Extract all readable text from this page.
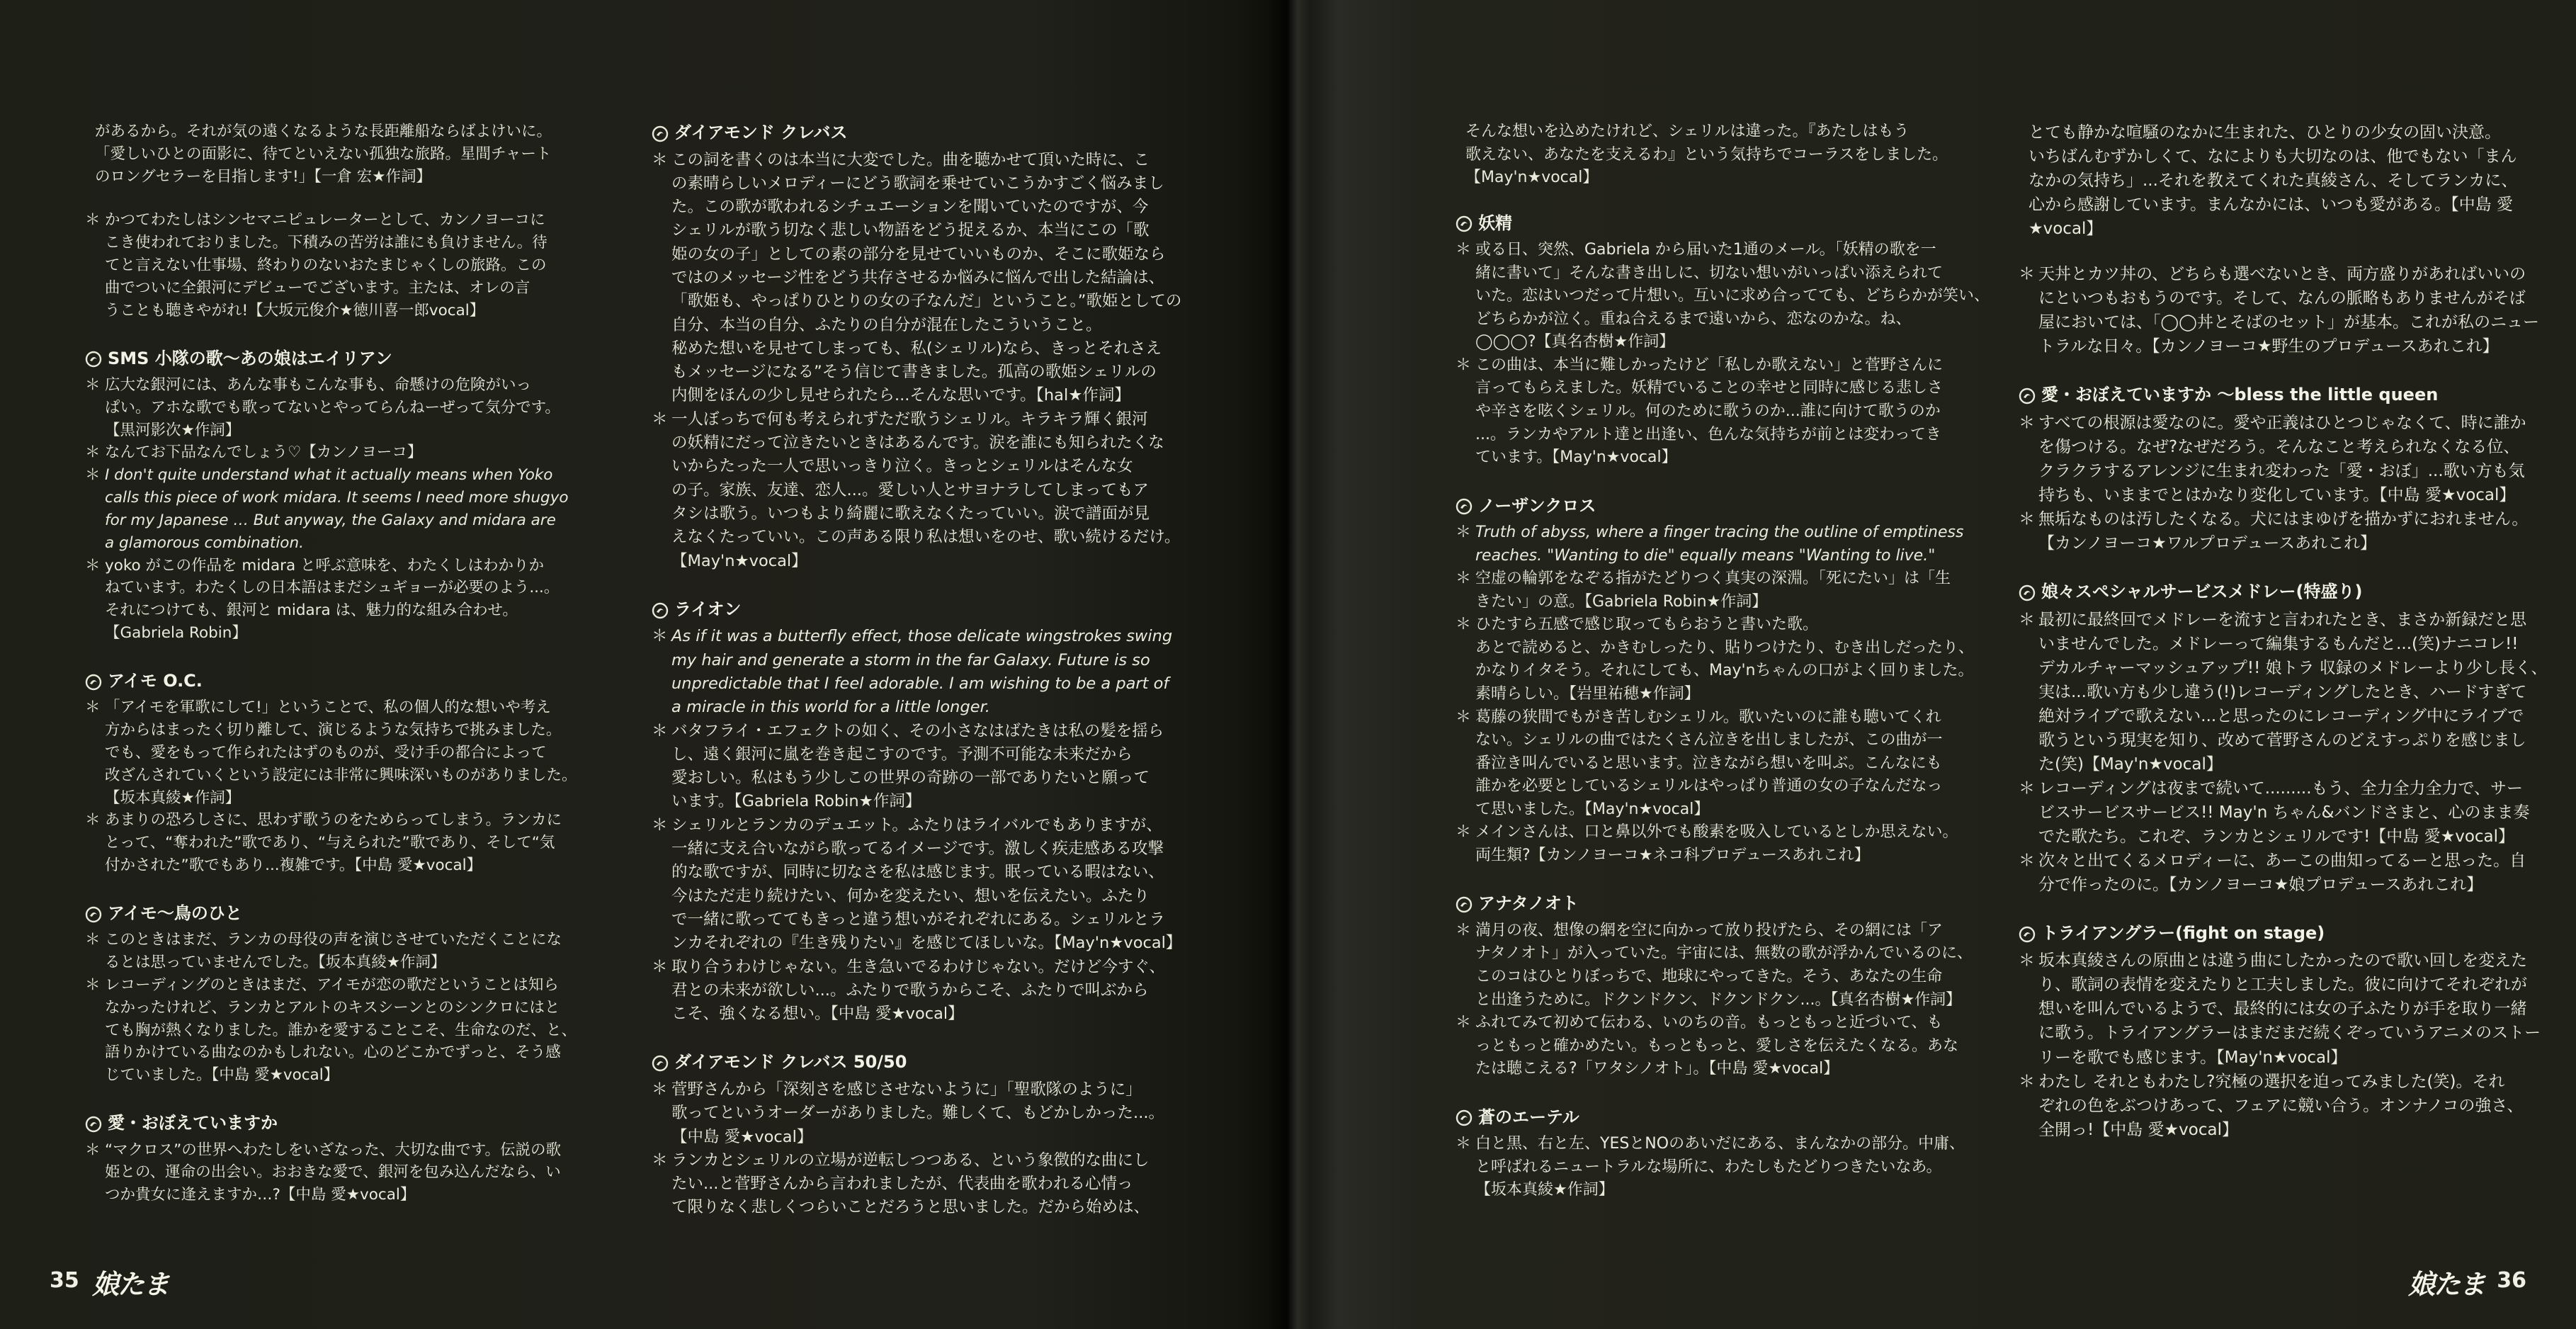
があるから。それが気の遠くなるような長距離船ならばよけいに。
「愛しいひとの面影に、待てといえない孤独な旅路。星間チャート
のロングセラーを目指します!」【一倉 宏★作詞】

＊ かつてわたしはシンセマニピュレーターとして、カンノヨーコに

こき使われておりました。下積みの苦労は誰にも負けません。待

てと言えない仕事場、終わりのないおたまじゃくしの旅路。この

曲でついに全銀河にデビューでございます。主たは、オレの言

うことも聴きやがれ!【大坂元俊介★徳川喜一郎vocal】

SMS 小隊の歌〜あの娘はエイリアン

＊ 広大な銀河には、あんな事もこんな事も、命懸けの危険がいっ

ぱい。アホな歌でも歌ってないとやってらんねーぜって気分です。

【黒河影次★作詞】

＊ なんてお下品なんでしょう♡【カンノヨーコ】

＊ I don't quite understand what it actually means when Yoko

calls this piece of work midara. It seems I need more shugyo

for my Japanese … But anyway, the Galaxy and midara are

a glamorous combination.

＊ yoko がこの作品を midara と呼ぶ意味を、わたくしはわかりか

ねています。わたくしの日本語はまだシュギョーが必要のよう...。

それにつけても、銀河と midara は、魅力的な組み合わせ。

【Gabriela Robin】

アイモ O.C.

＊ 「アイモを軍歌にして!」ということで、私の個人的な想いや考え

方からはまったく切り離して、演じるような気持ちで挑みました。

でも、愛をもって作られたはずのものが、受け手の都合によって

改ざんされていくという設定には非常に興味深いものがありました。

【坂本真綾★作詞】

＊ あまりの恐ろしさに、思わず歌うのをためらってしまう。ランカに

とって、“奪われた”歌であり、“与えられた”歌であり、そして“気

付かされた”歌でもあり...複雑です。【中島 愛★vocal】

アイモ〜鳥のひと

＊ このときはまだ、ランカの母役の声を演じさせていただくことにな

るとは思っていませんでした。【坂本真綾★作詞】

＊ レコーディングのときはまだ、アイモが恋の歌だということは知ら

なかったけれど、ランカとアルトのキスシーンとのシンクロにはと

ても胸が熱くなりました。誰かを愛することこそ、生命なのだ、と、

語りかけている曲なのかもしれない。心のどこかでずっと、そう感

じていました。【中島 愛★vocal】

愛・おぼえていますか

＊ “マクロス”の世界へわたしをいざなった、大切な曲です。伝説の歌

姫との、運命の出会い。おおきな愛で、銀河を包み込んだなら、い

つか貴女に逢えますか…?【中島 愛★vocal】

ダイアモンド クレバス

＊ この詞を書くのは本当に大変でした。曲を聴かせて頂いた時に、こ

の素晴らしいメロディーにどう歌詞を乗せていこうかすごく悩みまし

た。この歌が歌われるシチュエーションを聞いていたのですが、今

シェリルが歌う切なく悲しい物語をどう捉えるか、本当にこの「歌

姫の女の子」としての素の部分を見せていいものか、そこに歌姫なら

ではのメッセージ性をどう共存させるか悩みに悩んで出した結論は、

「歌姫も、やっぱりひとりの女の子なんだ」ということ。”歌姫としての

自分、本当の自分、ふたりの自分が混在したこういうこと。

秘めた想いを見せてしまっても、私(シェリル)なら、きっとそれさえ

もメッセージになる”そう信じて書きました。孤高の歌姫シェリルの

内側をほんの少し見せられたら...そんな思いです。【hal★作詞】

＊ 一人ぼっちで何も考えられずただ歌うシェリル。キラキラ輝く銀河

の妖精にだって泣きたいときはあるんです。涙を誰にも知られたくな

いからたった一人で思いっきり泣く。きっとシェリルはそんな女

の子。家族、友達、恋人...。愛しい人とサヨナラしてしまってもア

タシは歌う。いつもより綺麗に歌えなくたっていい。涙で譜面が見

えなくたっていい。この声ある限り私は想いをのせ、歌い続けるだけ。

【May'n★vocal】

ライオン

＊ As if it was a butterfly effect, those delicate wingstrokes swing

my hair and generate a storm in the far Galaxy. Future is so

unpredictable that I feel adorable. I am wishing to be a part of

a miracle in this world for a little longer.

＊ バタフライ・エフェクトの如く、その小さなはばたきは私の髪を揺ら

し、遠く銀河に嵐を巻き起こすのです。予測不可能な未来だから

愛おしい。私はもう少しこの世界の奇跡の一部でありたいと願って

います。【Gabriela Robin★作詞】

＊ シェリルとランカのデュエット。ふたりはライバルでもありますが、

一緒に支え合いながら歌ってるイメージです。激しく疾走感ある攻撃

的な歌ですが、同時に切なさを私は感じます。眠っている暇はない、

今はただ走り続けたい、何かを変えたい、想いを伝えたい。ふたり

で一緒に歌っててもきっと違う想いがそれぞれにある。シェリルとラ

ンカそれぞれの『生き残りたい』を感じてほしいな。【May'n★vocal】

＊ 取り合うわけじゃない。生き急いでるわけじゃない。だけど今すぐ、

君との未来が欲しい...。ふたりで歌うからこそ、ふたりで叫ぶから

こそ、強くなる想い。【中島 愛★vocal】

ダイアモンド クレバス 50/50

＊ 菅野さんから「深刻さを感じさせないように」「聖歌隊のように」

歌ってというオーダーがありました。難しくて、もどかしかった...。

【中島 愛★vocal】

＊ ランカとシェリルの立場が逆転しつつある、という象徴的な曲にし

たい...と菅野さんから言われましたが、代表曲を歌われる心情っ

て限りなく悲しくつらいことだろうと思いました。だから始めは、

35 娘たま	36
そんな想いを込めたけれど、シェリルは違った。『あたしはもう
歌えない、あなたを支えるわ』という気持ちでコーラスをしました。
【May'n★vocal】
妖精

＊ 或る日、突然、Gabriela から届いた1通のメール。「妖精の歌を一

緒に書いて」そんな書き出しに、切ない想いがいっぱい添えられて

いた。恋はいつだって片想い。互いに求め合ってても、どちらかが笑い、

どちらかが泣く。重ね合えるまで遠いから、恋なのかな。ね、

◯◯◯?【真名杏樹★作詞】

＊ この曲は、本当に難しかったけど「私しか歌えない」と菅野さんに

言ってもらえました。妖精でいることの幸せと同時に感じる悲しさ

や辛さを呟くシェリル。何のために歌うのか...誰に向けて歌うのか

...。ランカやアルト達と出逢い、色んな気持ちが前とは変わってき

ています。【May'n★vocal】

ノーザンクロス

＊ Truth of abyss, where a finger tracing the outline of emptiness

reaches. "Wanting to die" equally means "Wanting to live."

＊ 空虚の輪郭をなぞる指がたどりつく真実の深淵。「死にたい」は「生

きたい」の意。【Gabriela Robin★作詞】

＊ ひたすら五感で感じ取ってもらおうと書いた歌。

あとで読めると、かきむしったり、貼りつけたり、むき出しだったり、

かなりイタそう。それにしても、May'nちゃんの口がよく回りました。

素晴らしい。【岩里祐穂★作詞】

＊ 葛藤の狭間でもがき苦しむシェリル。歌いたいのに誰も聴いてくれ

ない。シェリルの曲ではたくさん泣きを出しましたが、この曲が一

番泣き叫んでいると思います。泣きながら想いを叫ぶ。こんなにも

誰かを必要としているシェリルはやっぱり普通の女の子なんだなっ

て思いました。【May'n★vocal】

＊ メインさんは、口と鼻以外でも酸素を吸入しているとしか思えない。

両生類?【カンノヨーコ★ネコ科プロデュースあれこれ】

アナタノオト

＊ 満月の夜、想像の網を空に向かって放り投げたら、その網には「ア

ナタノオト」が入っていた。宇宙には、無数の歌が浮かんでいるのに、

このコはひとりぼっちで、地球にやってきた。そう、あなたの生命

と出逢うために。ドクンドクン、ドクンドクン...。【真名杏樹★作詞】

＊ ふれてみて初めて伝わる、いのちの音。もっともっと近づいて、も

っともっと確かめたい。もっともっと、愛しさを伝えたくなる。あな

たは聴こえる?「ワタシノオト」。【中島 愛★vocal】

蒼のエーテル

＊ 白と黒、右と左、YESとNOのあいだにある、まんなかの部分。中庸、

と呼ばれるニュートラルな場所に、わたしもたどりつきたいなあ。

【坂本真綾★作詞】

とても静かな喧騒のなかに生まれた、ひとりの少女の固い決意。
いちばんむずかしくて、なによりも大切なのは、他でもない「まん
なかの気持ち」...それを教えてくれた真綾さん、そしてランカに、
心から感謝しています。まんなかには、いつも愛がある。【中島 愛
★vocal】

＊ 天丼とカツ丼の、どちらも選べないとき、両方盛りがあればいいの

にといつもおもうのです。そして、なんの脈略もありませんがそば

屋においては、「◯◯丼とそばのセット」が基本。これが私のニュー

トラルな日々。【カンノヨーコ★野生のプロデュースあれこれ】

愛・おぼえていますか 〜bless the little queen

＊ すべての根源は愛なのに。愛や正義はひとつじゃなくて、時に誰か

を傷つける。なぜ?なぜだろう。そんなこと考えられなくなる位、

クラクラするアレンジに生まれ変わった「愛・おぼ」...歌い方も気

持ちも、いままでとはかなり変化しています。【中島 愛★vocal】

＊ 無垢なものは汚したくなる。犬にはまゆげを描かずにおれません。

【カンノヨーコ★ワルプロデュースあれこれ】

娘々スペシャルサービスメドレー(特盛り)

＊ 最初に最終回でメドレーを流すと言われたとき、まさか新録だと思

いませんでした。メドレーって編集するもんだと...(笑)ナニコレ!!

デカルチャーマッシュアップ!! 娘トラ 収録のメドレーより少し長く、

実は...歌い方も少し違う(!)レコーディングしたとき、ハードすぎて

絶対ライブで歌えない...と思ったのにレコーディング中にライブで

歌うという現実を知り、改めて菅野さんのどえすっぷりを感じまし

た(笑)【May'n★vocal】

＊ レコーディングは夜まで続いて.........もう、全力全力全力で、サー

ビスサービスサービス!! May'n ちゃん&バンドさまと、心のまま奏

でた歌たち。これぞ、ランカとシェリルです!【中島 愛★vocal】

＊ 次々と出てくるメロディーに、あーこの曲知ってるーと思った。自

分で作ったのに。【カンノヨーコ★娘プロデュースあれこれ】

トライアングラー(fight on stage)

＊ 坂本真綾さんの原曲とは違う曲にしたかったので歌い回しを変えた

り、歌詞の表情を変えたりと工夫しました。彼に向けてそれぞれが

想いを叫んでいるようで、最終的には女の子ふたりが手を取り一緒

に歌う。トライアングラーはまだまだ続くぞっていうアニメのストー

リーを歌でも感じます。【May'n★vocal】

＊ わたし それともわたし?究極の選択を迫ってみました(笑)。それ

ぞれの色をぶつけあって、フェアに競い合う。オンナノコの強さ、

全開っ!【中島 愛★vocal】

娘たま
